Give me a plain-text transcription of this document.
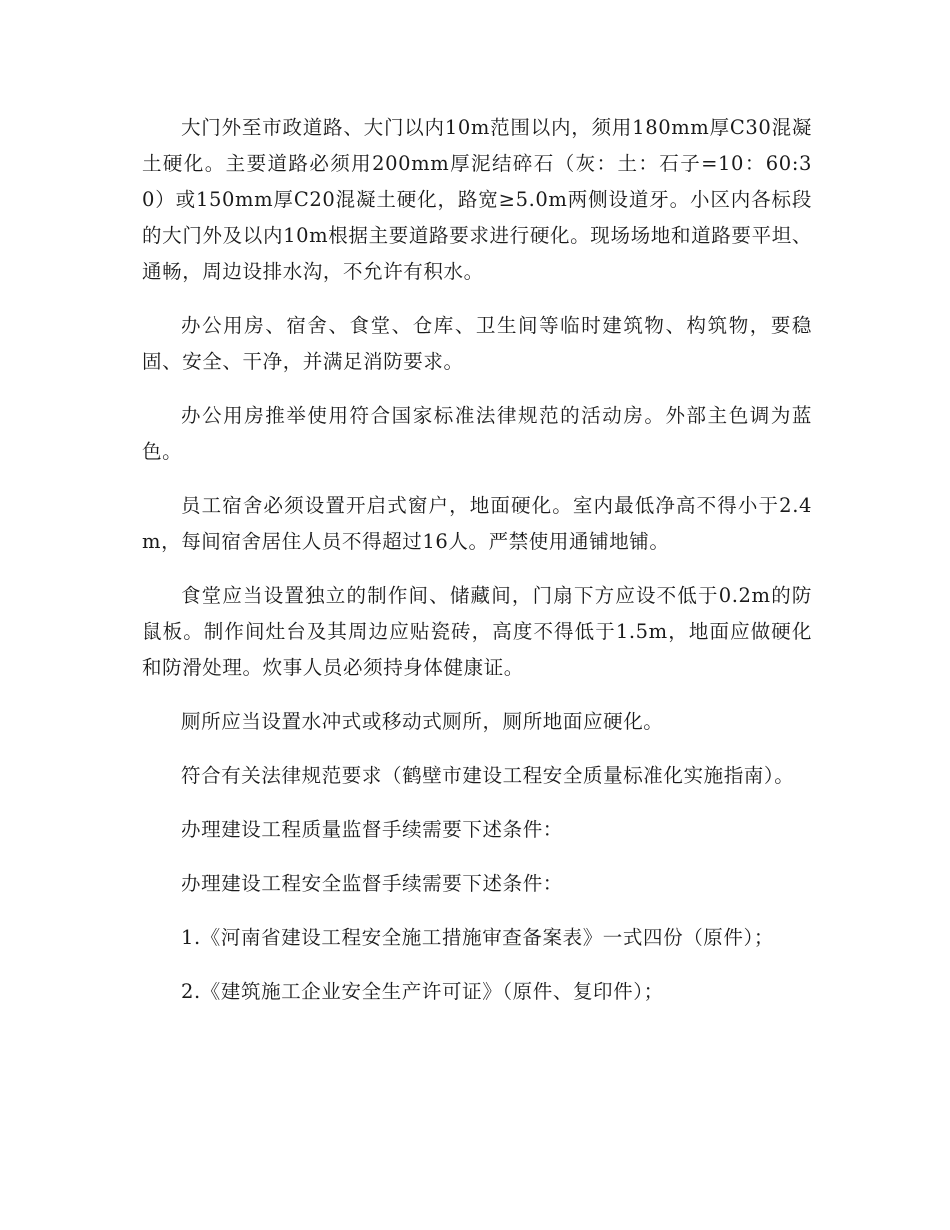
大门外至市政道路、大门以内10m范围以内，须用180mm厚C30混凝土硬化。主要道路必须用200mm厚泥结碎石（灰：土：石子=10：60:30）或150mm厚C20混凝土硬化，路宽≥5.0m两侧设道牙。小区内各标段的大门外及以内10m根据主要道路要求进行硬化。现场场地和道路要平坦、通畅，周边设排水沟，不允许有积水。

办公用房、宿舍、食堂、仓库、卫生间等临时建筑物、构筑物，要稳固、安全、干净，并满足消防要求。

办公用房推举使用符合国家标准法律规范的活动房。外部主色调为蓝色。

员工宿舍必须设置开启式窗户，地面硬化。室内最低净高不得小于2.4m，每间宿舍居住人员不得超过16人。严禁使用通铺地铺。

食堂应当设置独立的制作间、储藏间，门扇下方应设不低于0.2m的防鼠板。制作间灶台及其周边应贴瓷砖，高度不得低于1.5m，地面应做硬化和防滑处理。炊事人员必须持身体健康证。

厕所应当设置水冲式或移动式厕所，厕所地面应硬化。

符合有关法律规范要求（鹤壁市建设工程安全质量标准化实施指南）。

办理建设工程质量监督手续需要下述条件：

办理建设工程安全监督手续需要下述条件：

1.《河南省建设工程安全施工措施审查备案表》一式四份（原件）；

2.《建筑施工企业安全生产许可证》（原件、复印件）；
